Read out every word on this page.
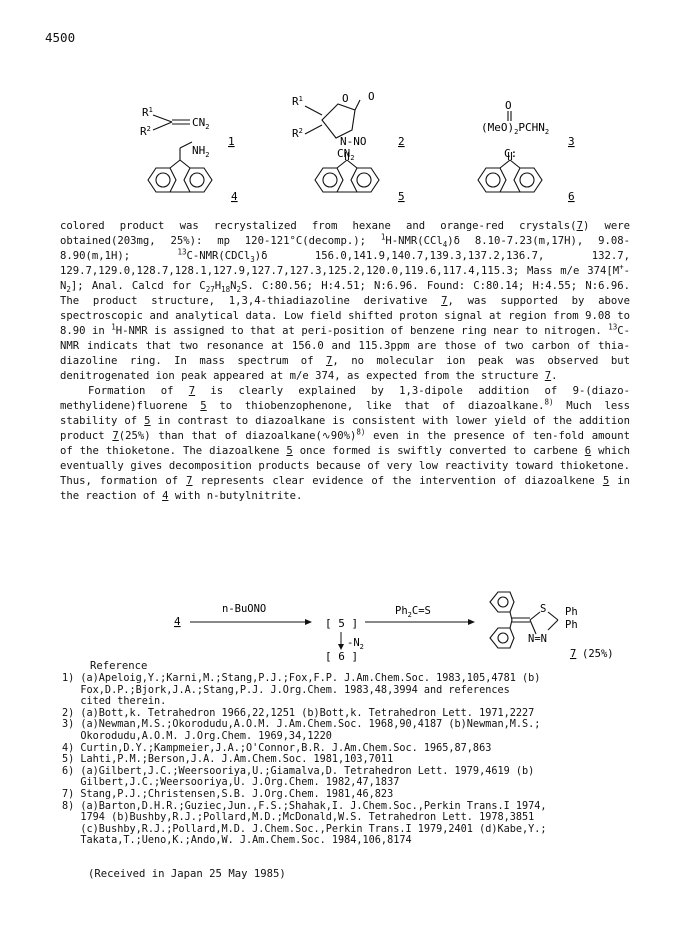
4500
$R^1$
$R^2$	$CN_2$
1
$R^1$
$R^2$
O O
N-NO	2
O
$(MeO)_2PCHN_2$
3
$NH_2$
4
$CN_2$
5
C:
6

colored product was recrystalized from hexane and orange-red crystals(7) were obtained(203mg, 25%): mp 120-121°C(decomp.); $^1$H-NMR(CCl$_4$)δ 8.10-7.23(m,17H), 9.08-8.90(m,1H); $^{13}$C-NMR(CDCl$_3$)δ 156.0,141.9,140.7,139.3,137.2,136.7, 132.7, 129.7,129.0,128.7,128.1,127.9,127.7,127.3,125.2,120.0,119.6,117.4,115.3; Mass m/e $374[M^+-N_2]$; Anal. Calcd for $C_{27}H_{18}N_2S$. C:80.56; H:4.51; N:6.96. Found: C:80.14; H:4.55; N:6.96. The product structure, 1,3,4-thiadiazoline derivative 7, was supported by above spectroscopic and analytical data. Low field shifted proton signal at region from 9.08 to 8.90 in $^1$H-NMR is assigned to that at peri-position of benzene ring near to nitrogen. $^{13}$C-NMR indicats that two resonance at 156.0 and 115.3ppm are those of two carbon of thia-diazoline ring. In mass spectrum of 7, no molecular ion peak was observed but denitrogenated ion peak appeared at m/e 374, as expected from the structure 7.

Formation of 7 is clearly explained by 1,3-dipole addition of 9-(diazo-methylidene)fluorene 5 to thiobenzophenone, like that of diazoalkane.$^{8)}$ Much less stability of 5 in contrast to diazoalkane is consistent with lower yield of the addition product 7(25%) than that of diazoalkane(∿90%)$^{8)}$ even in the presence of ten-fold amount of the thioketone. The diazoalkene 5 once formed is swiftly converted to carbene 6 which eventually gives decomposition products because of very low reactivity toward thioketone. Thus, formation of 7 represents clear evidence of the intervention of diazoalkene 5 in the reaction of 4 with n-butylnitrite.

4
n-BuONO
[ 5 ]
$Ph_2C=S$
$-N_2$
[ 6 ]
S Ph
Ph
N=N
7 (25%)
Reference
1) (a)Apeloig,Y.;Karni,M.;Stang,P.J.;Fox,F.P. J.Am.Chem.Soc. 1983,105,4781 (b)
Fox,D.P.;Bjork,J.A.;Stang,P.J. J.Org.Chem. 1983,48,3994 and references
cited therein.
2) (a)Bott,k. Tetrahedron 1966,22,1251 (b)Bott,k. Tetrahedron Lett. 1971,2227
3) (a)Newman,M.S.;Okorodudu,A.O.M. J.Am.Chem.Soc. 1968,90,4187 (b)Newman,M.S.;
Okorodudu,A.O.M. J.Org.Chem. 1969,34,1220
4) Curtin,D.Y.;Kampmeier,J.A.;O'Connor,B.R. J.Am.Chem.Soc. 1965,87,863
5) Lahti,P.M.;Berson,J.A. J.Am.Chem.Soc. 1981,103,7011
6) (a)Gilbert,J.C.;Weersooriya,U.;Giamalva,D. Tetrahedron Lett. 1979,4619 (b)
Gilbert,J.C.;Weersooriya,U. J.Org.Chem. 1982,47,1837
7) Stang,P.J.;Christensen,S.B. J.Org.Chem. 1981,46,823
8) (a)Barton,D.H.R.;Guziec,Jun.,F.S.;Shahak,I. J.Chem.Soc.,Perkin Trans.I 1974,
1794 (b)Bushby,R.J.;Pollard,M.D.;McDonald,W.S. Tetrahedron Lett. 1978,3851
(c)Bushby,R.J.;Pollard,M.D. J.Chem.Soc.,Perkin Trans.I 1979,2401 (d)Kabe,Y.;
Takata,T.;Ueno,K.;Ando,W. J.Am.Chem.Soc. 1984,106,8174
(Received in Japan 25 May 1985)
